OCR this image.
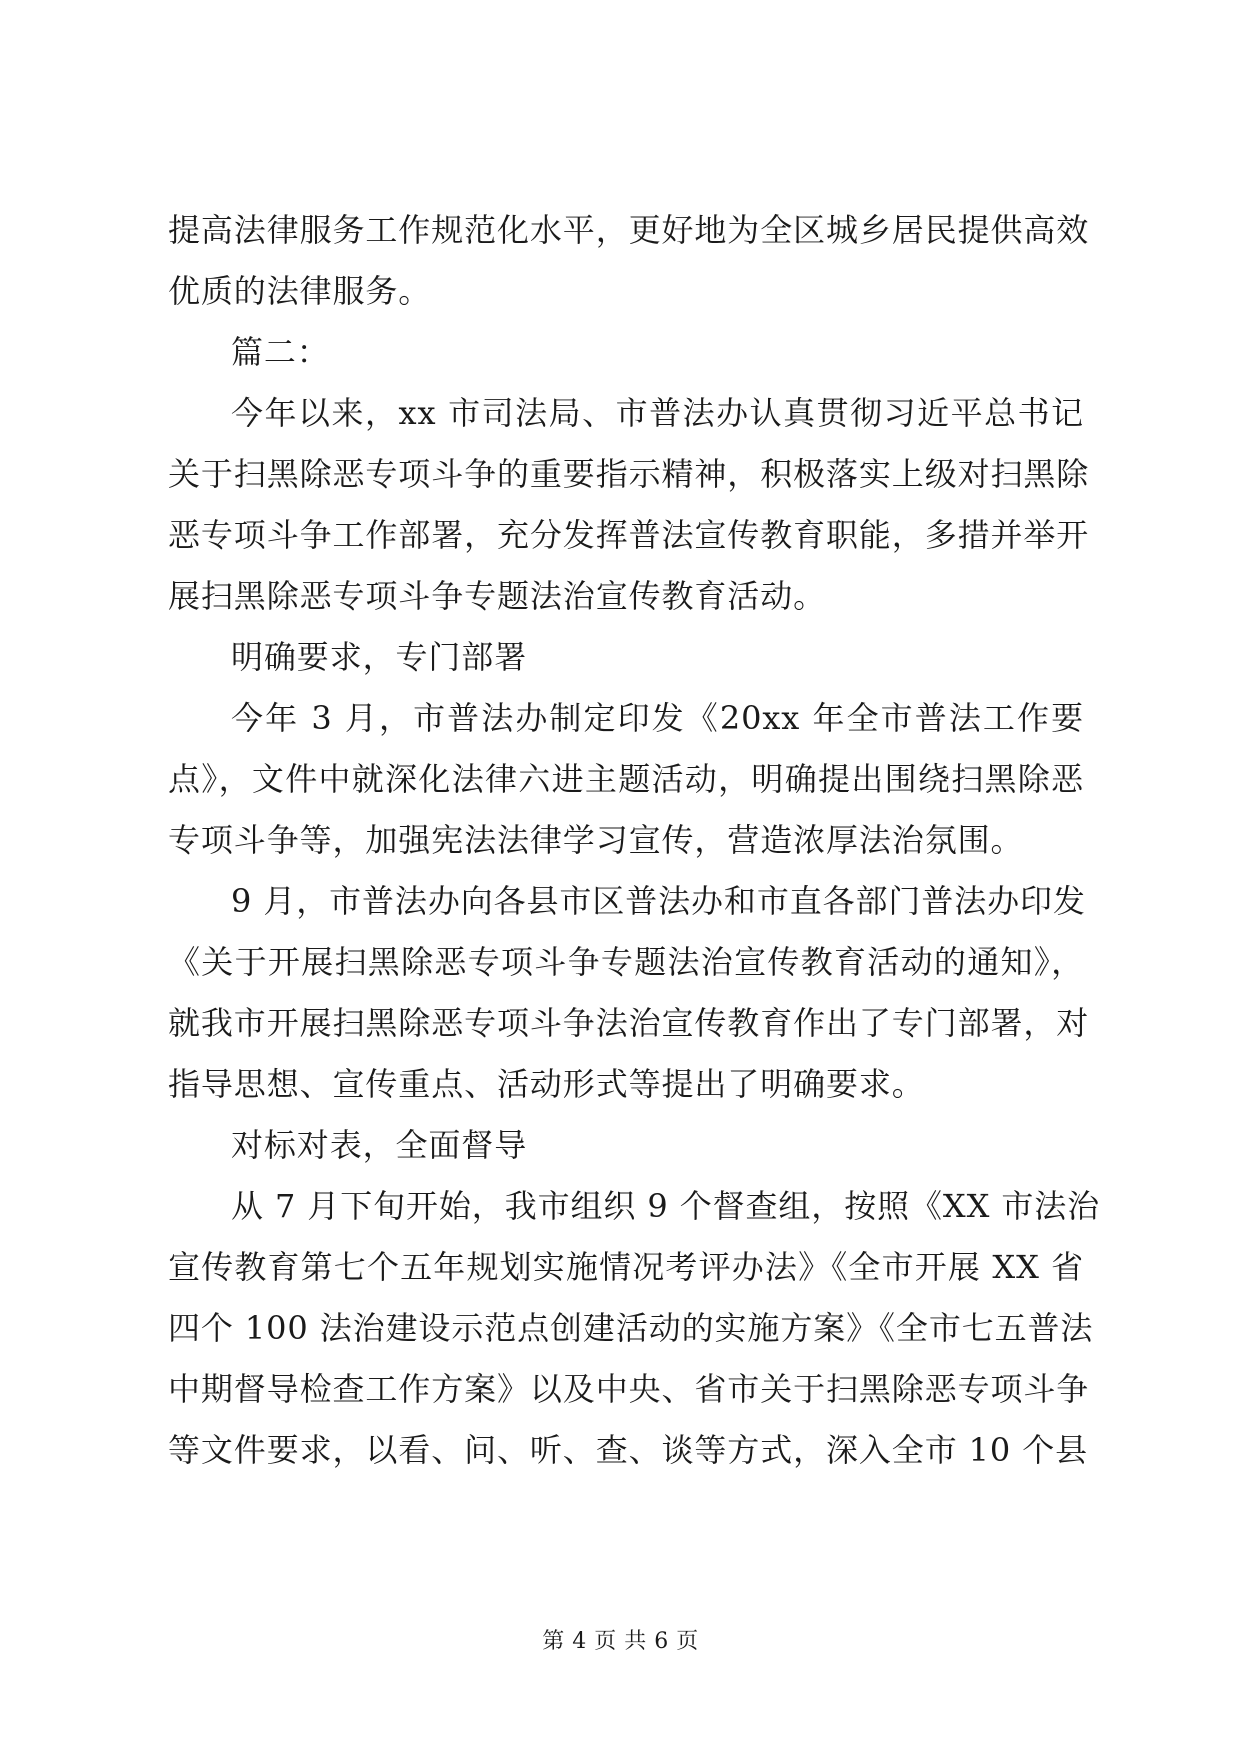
提高法律服务工作规范化水平，更好地为全区城乡居民提供高效
优质的法律服务。
篇二：
今年以来，xx 市司法局、市普法办认真贯彻习近平总书记
关于扫黑除恶专项斗争的重要指示精神，积极落实上级对扫黑除
恶专项斗争工作部署，充分发挥普法宣传教育职能，多措并举开
展扫黑除恶专项斗争专题法治宣传教育活动。
明确要求，专门部署
今年 3 月，市普法办制定印发《20xx 年全市普法工作要
点》，文件中就深化法律六进主题活动，明确提出围绕扫黑除恶
专项斗争等，加强宪法法律学习宣传，营造浓厚法治氛围。
9 月，市普法办向各县市区普法办和市直各部门普法办印发
《关于开展扫黑除恶专项斗争专题法治宣传教育活动的通知》，
就我市开展扫黑除恶专项斗争法治宣传教育作出了专门部署，对
指导思想、宣传重点、活动形式等提出了明确要求。
对标对表，全面督导
从 7 月下旬开始，我市组织 9 个督查组，按照《XX 市法治
宣传教育第七个五年规划实施情况考评办法》《全市开展 XX 省
四个 100 法治建设示范点创建活动的实施方案》《全市七五普法
中期督导检查工作方案》以及中央、省市关于扫黑除恶专项斗争
等文件要求，以看、问、听、查、谈等方式，深入全市 10 个县
第 4 页 共 6 页
